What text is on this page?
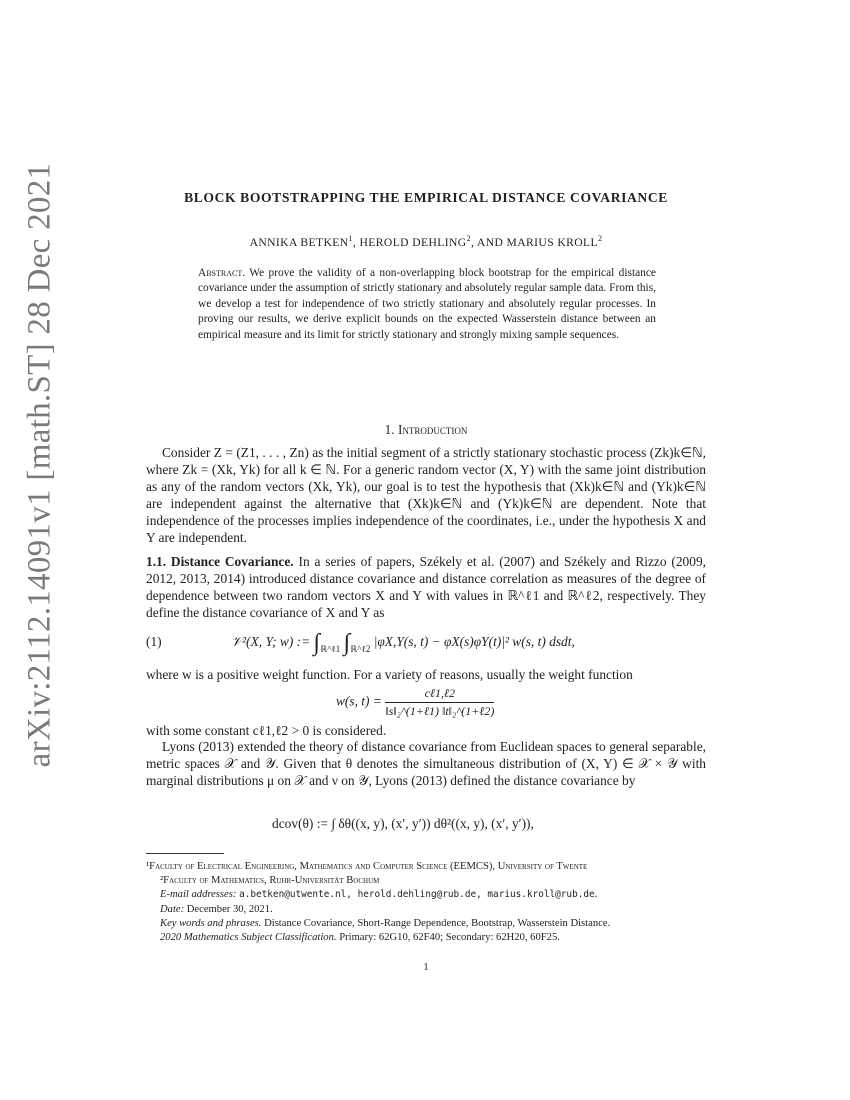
arXiv:2112.14091v1 [math.ST] 28 Dec 2021	BLOCK BOOTSTRAPPING THE EMPIRICAL DISTANCE COVARIANCE
ANNIKA BETKEN$^1$, HEROLD DEHLING$^2$, AND MARIUS KROLL$^2$
Abstract. We prove the validity of a non-overlapping block bootstrap for the empirical distance covariance under the assumption of strictly stationary and absolutely regular sample data. From this, we develop a test for independence of two strictly stationary and absolutely regular processes. In proving our results, we derive explicit bounds on the expected Wasserstein distance between an empirical measure and its limit for strictly stationary and strongly mixing sample sequences.
1. Introduction
Consider Z = (Z1, . . . , Zn) as the initial segment of a strictly stationary stochastic process (Zk)k∈ℕ, where Zk = (Xk, Yk) for all k ∈ ℕ. For a generic random vector (X, Y) with the same joint distribution as any of the random vectors (Xk, Yk), our goal is to test the hypothesis that (Xk)k∈ℕ and (Yk)k∈ℕ are independent against the alternative that (Xk)k∈ℕ and (Yk)k∈ℕ are dependent. Note that independence of the processes implies independence of the coordinates, i.e., under the hypothesis X and Y are independent.
1.1. Distance Covariance. In a series of papers, Székely et al. (2007) and Székely and Rizzo (2009, 2012, 2013, 2014) introduced distance covariance and distance correlation as measures of the degree of dependence between two random vectors X and Y with values in ℝ^ℓ1 and ℝ^ℓ2, respectively. They define the distance covariance of X and Y as
(1)	𝒱²(X, Y; w) := $\int_{ℝ\^{}\ell 1}$ $\int_{ℝ\^{}\ell 2}$ |φX,Y(s, t) − φX(s)φY(t)|² w(s, t) dsdt,
where w is a positive weight function. For a variety of reasons, usually the weight function
w(s, $t) = \frac{\text{cℓ1,ℓ2}}{\text{‖s‖₂\textasciicircum{}(1+ℓ1) ‖t‖₂\textasciicircum{}(1+ℓ2)}}$
with some constant cℓ1,ℓ2 > 0 is considered.
Lyons (2013) extended the theory of distance covariance from Euclidean spaces to general separable, metric spaces 𝒳 and 𝒴. Given that θ denotes the simultaneous distribution of (X, Y) ∈ 𝒳 × 𝒴 with marginal distributions μ on 𝒳 and ν on 𝒴, Lyons (2013) defined the distance covariance by
dcov(θ) := ∫ δθ((x, y), (x′, y′)) dθ²((x, y), (x′, y′)),
¹Faculty of Electrical Engineering, Mathematics and Computer Science (EEMCS), University of Twente
²Faculty of Mathematics, Ruhr-Universität Bochum
E-mail addresses: a.betken@utwente.nl, herold.dehling@rub.de, marius.kroll@rub.de.
Date: December 30, 2021.
Key words and phrases. Distance Covariance, Short-Range Dependence, Bootstrap, Wasserstein Distance.
2020 Mathematics Subject Classification. Primary: 62G10, 62F40; Secondary: 62H20, 60F25.
1
